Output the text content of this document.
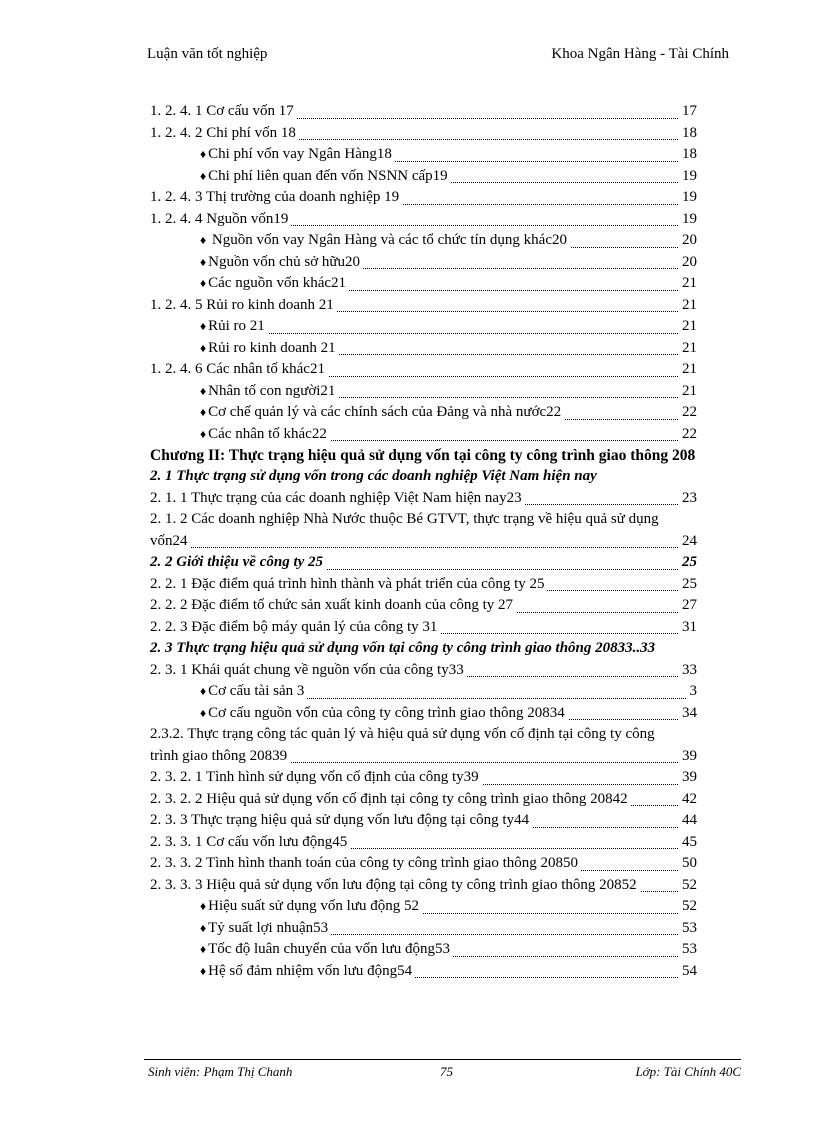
Luận văn tốt nghiệp	Khoa Ngân Hàng - Tài Chính
1. 2. 4. 1 Cơ cấu vốn 17	17
1. 2. 4. 2 Chi phí vốn 18	18
♦ Chi phí vốn vay Ngân Hàng18	18
♦ Chi phí liên quan đến vốn NSNN cấp19	19
1. 2. 4. 3 Thị trường của doanh nghiệp 19	19
1. 2. 4. 4 Nguồn vốn19	19
♦ Nguồn vốn vay Ngân Hàng và các tổ chức tín dụng khác20	20
♦ Nguồn vốn chủ sở hữu20	20
♦ Các nguồn vốn khác21	21
1. 2. 4. 5 Rủi ro kinh doanh 21	21
♦ Rủi ro 21	21
♦ Rủi ro kinh doanh 21	21
1. 2. 4. 6 Các nhân tố khác21	21
♦ Nhân tố con người21	21
♦ Cơ chế quản lý và các chính sách của Đảng và nhà nước22	22
♦ Các nhân tố khác22	22
Chương II: Thực trạng hiệu quả sử dụng vốn tại công ty công trình giao thông 208
2. 1 Thực trạng sử dụng vốn trong các doanh nghiệp Việt Nam hiện nay
2. 1. 1 Thực trạng của các doanh nghiệp Việt Nam hiện nay23	23
2. 1. 2 Các doanh nghiệp Nhà Nước thuộc Bé GTVT, thực trạng về hiệu quả sử dụng
vốn24	24
2. 2 Giới thiệu về công ty 25	25
2. 2. 1 Đặc điểm quá trình hình thành và phát triển của công ty 25	25
2. 2. 2 Đặc điểm tổ chức sản xuất kinh doanh của công ty 27	27
2. 2. 3 Đặc điểm bộ máy quản lý của công ty 31	31
2. 3 Thực trạng hiệu quả sử dụng vốn tại công ty công trình giao thông 20833..33
2. 3. 1 Khái quát chung về nguồn vốn của công ty33	33
♦ Cơ cấu tài sản 3	3
♦ Cơ cấu nguồn vốn của công ty công trình giao thông 20834	34
2.3.2. Thực trạng công tác quản lý và hiệu quả sử dụng vốn cố định tại công ty công
trình giao thông 20839	39
2. 3. 2. 1 Tình hình sử dụng vốn cố định của công ty39	39
2. 3. 2. 2 Hiệu quả sử dụng vốn cố định tại công ty công trình giao thông 20842	42
2. 3. 3 Thực trạng hiệu quả sử dụng vốn lưu động tại công ty44	44
2. 3. 3. 1 Cơ cấu vốn lưu động45	45
2. 3. 3. 2 Tình hình thanh toán của công ty công trình giao thông 20850	50
2. 3. 3. 3 Hiệu quả sử dụng vốn lưu động tại công ty công trình giao thông 20852	52
♦ Hiệu suất sử dụng vốn lưu động 52	52
♦ Tỷ suất lợi nhuận53	53
♦ Tốc độ luân chuyển của vốn lưu động53	53
♦ Hệ số đảm nhiệm vốn lưu động54	54
Sinh viên: Phạm Thị Chanh	75	Lớp: Tài Chính 40C
